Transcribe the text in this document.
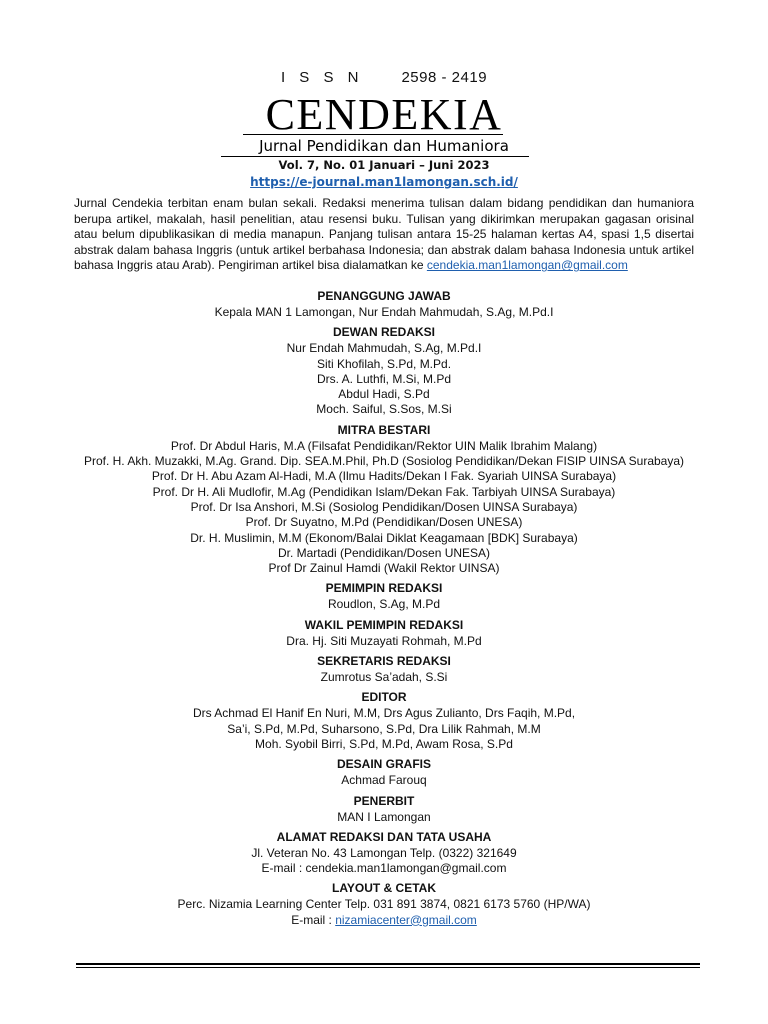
I S S N	2598 - 2419
CENDEKIA
Jurnal Pendidikan dan Humaniora
Vol. 7, No. 01 Januari – Juni 2023
https://e-journal.man1lamongan.sch.id/
Jurnal Cendekia terbitan enam bulan sekali. Redaksi menerima tulisan dalam bidang pendidikan dan humaniora berupa artikel, makalah, hasil penelitian, atau resensi buku. Tulisan yang dikirimkan merupakan gagasan orisinal atau belum dipublikasikan di media manapun. Panjang tulisan antara 15-25 halaman kertas A4, spasi 1,5 disertai abstrak dalam bahasa Inggris (untuk artikel berbahasa Indonesia; dan abstrak dalam bahasa Indonesia untuk artikel bahasa Inggris atau Arab). Pengiriman artikel bisa dialamatkan ke cendekia.man1lamongan@gmail.com
PENANGGUNG JAWAB
Kepala MAN 1 Lamongan, Nur Endah Mahmudah, S.Ag, M.Pd.I
DEWAN REDAKSI
Nur Endah Mahmudah, S.Ag, M.Pd.I
Siti Khofilah, S.Pd, M.Pd.
Drs. A. Luthfi, M.Si, M.Pd
Abdul Hadi, S.Pd
Moch. Saiful, S.Sos, M.Si
MITRA BESTARI
Prof. Dr Abdul Haris, M.A (Filsafat Pendidikan/Rektor UIN Malik Ibrahim Malang)
Prof. H. Akh. Muzakki, M.Ag. Grand. Dip. SEA.M.Phil, Ph.D (Sosiolog Pendidikan/Dekan FISIP UINSA Surabaya)
Prof. Dr H. Abu Azam Al-Hadi, M.A (Ilmu Hadits/Dekan I Fak. Syariah UINSA Surabaya)
Prof. Dr H. Ali Mudlofir, M.Ag (Pendidikan Islam/Dekan Fak. Tarbiyah UINSA Surabaya)
Prof. Dr Isa Anshori, M.Si (Sosiolog Pendidikan/Dosen UINSA Surabaya)
Prof. Dr Suyatno, M.Pd (Pendidikan/Dosen UNESA)
Dr. H. Muslimin, M.M (Ekonom/Balai Diklat Keagamaan [BDK] Surabaya)
Dr. Martadi (Pendidikan/Dosen UNESA)
Prof Dr Zainul Hamdi (Wakil Rektor UINSA)
PEMIMPIN REDAKSI
Roudlon, S.Ag, M.Pd
WAKIL PEMIMPIN REDAKSI
Dra. Hj. Siti Muzayati Rohmah, M.Pd
SEKRETARIS REDAKSI
Zumrotus Sa’adah, S.Si
EDITOR
Drs Achmad El Hanif En Nuri, M.M, Drs Agus Zulianto, Drs Faqih, M.Pd,
Sa’i, S.Pd, M.Pd, Suharsono, S.Pd, Dra Lilik Rahmah, M.M
Moh. Syobil Birri, S.Pd, M.Pd, Awam Rosa, S.Pd
DESAIN GRAFIS
Achmad Farouq
PENERBIT
MAN I Lamongan
ALAMAT REDAKSI DAN TATA USAHA
Jl. Veteran No. 43 Lamongan Telp. (0322) 321649
E-mail : cendekia.man1lamongan@gmail.com
LAYOUT & CETAK
Perc. Nizamia Learning Center Telp. 031 891 3874, 0821 6173 5760 (HP/WA)
E-mail : nizamiacenter@gmail.com
